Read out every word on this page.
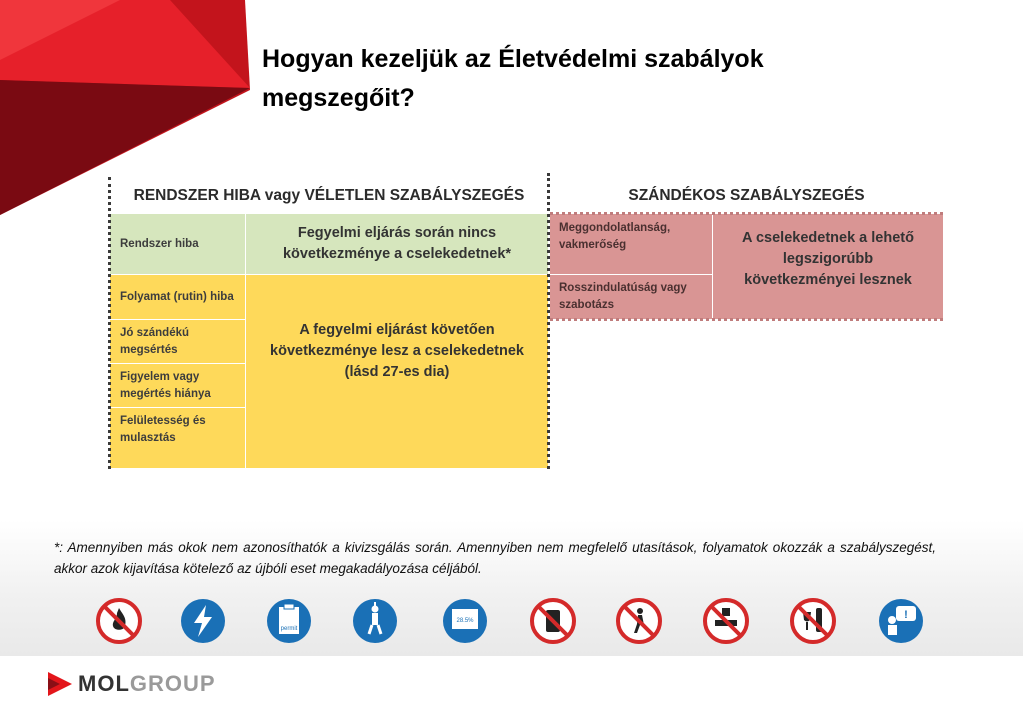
Hogyan kezeljük az Életvédelmi szabályok
megszegőit?
RENDSZER HIBA vagy VÉLETLEN SZABÁLYSZEGÉS	SZÁNDÉKOS SZABÁLYSZEGÉS
Rendszer hiba
Fegyelmi eljárás során nincs következménye a cselekedetnek*
Folyamat (rutin) hiba
Jó szándékú megsértés
Figyelem vagy megértés hiánya
Felületesség és mulasztás
A fegyelmi eljárást követően következménye lesz a cselekedetnek (lásd 27-es dia)
Meggondolatlanság, vakmerőség
Rosszindulatúság vagy szabotázs
A cselekedetnek a lehető legszigorúbb következményei lesznek
*: Amennyiben más okok nem azonosíthatók a kivizsgálás során. Amennyiben nem megfelelő utasítások, folyamatok okozzák a szabályszegést, akkor azok kijavítása kötelező az újbóli eset megakadályozása céljából.
permit
28.5%	!
MOLGROUP
